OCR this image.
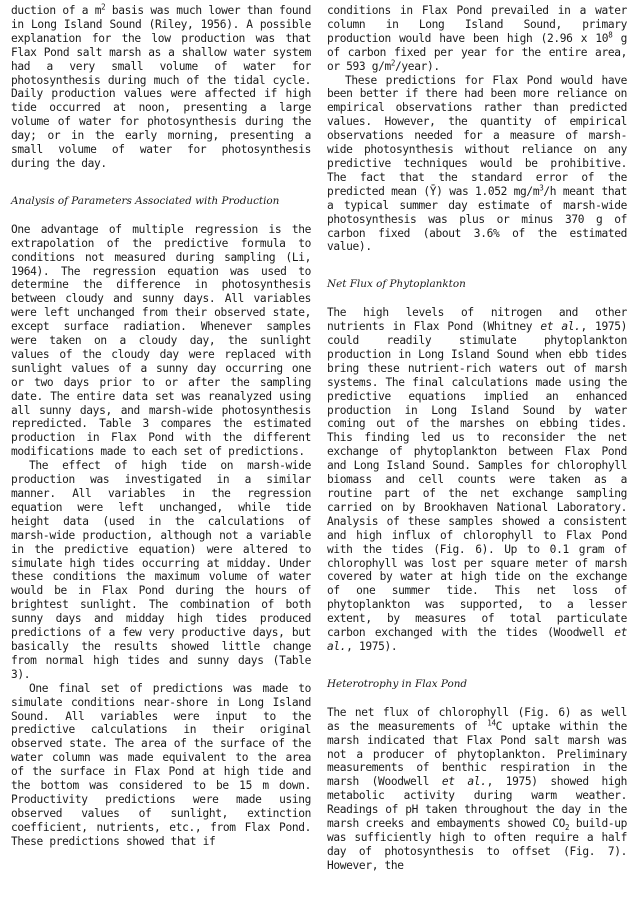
duction of a $m^2$ basis was much lower than found in Long Island Sound (Riley, 1956). A possible explanation for the low production was that Flax Pond salt marsh as a shallow water system had a very small volume of water for photosynthesis during much of the tidal cycle. Daily production values were affected if high tide occurred at noon, presenting a large volume of water for photosynthesis during the day; or in the early morning, presenting a small volume of water for photosynthesis during the day.

Analysis of Parameters Associated with Production

One advantage of multiple regression is the extrapolation of the predictive formula to conditions not measured during sampling (Li, 1964). The regression equation was used to determine the difference in photosynthesis between cloudy and sunny days. All variables were left unchanged from their observed state, except surface radiation. Whenever samples were taken on a cloudy day, the sunlight values of the cloudy day were replaced with sunlight values of a sunny day occurring one or two days prior to or after the sampling date. The entire data set was reanalyzed using all sunny days, and marsh-wide photosynthesis repredicted. Table 3 compares the estimated production in Flax Pond with the different modifications made to each set of predictions.

The effect of high tide on marsh-wide production was investigated in a similar manner. All variables in the regression equation were left unchanged, while tide height data (used in the calculations of marsh-wide production, although not a variable in the predictive equation) were altered to simulate high tides occurring at midday. Under these conditions the maximum volume of water would be in Flax Pond during the hours of brightest sunlight. The combination of both sunny days and midday high tides produced predictions of a few very productive days, but basically the results showed little change from normal high tides and sunny days (Table 3).

One final set of predictions was made to simulate conditions near-shore in Long Island Sound. All variables were input to the predictive calculations in their original observed state. The area of the surface of the water column was made equivalent to the area of the surface in Flax Pond at high tide and the bottom was considered to be 15 m down. Productivity predictions were made using observed values of sunlight, extinction coefficient, nutrients, etc., from Flax Pond. These predictions showed that if

conditions in Flax Pond prevailed in a water column in Long Island Sound, primary production would have been high (2.96 x $10^8$ g of carbon fixed per year for the entire area, or 593 $g/m^2/year$).

These predictions for Flax Pond would have been better if there had been more reliance on empirical observations rather than predicted values. However, the quantity of empirical observations needed for a measure of marsh-wide photosynthesis without reliance on any predictive techniques would be prohibitive. The fact that the standard error of the predicted mean (Ȳ) was 1.052 $mg/m^3/h$ meant that a typical summer day estimate of marsh-wide photosynthesis was plus or minus 370 g of carbon fixed (about 3.6% of the estimated value).

Net Flux of Phytoplankton

The high levels of nitrogen and other nutrients in Flax Pond (Whitney et al., 1975) could readily stimulate phytoplankton production in Long Island Sound when ebb tides bring these nutrient-rich waters out of marsh systems. The final calculations made using the predictive equations implied an enhanced production in Long Island Sound by water coming out of the marshes on ebbing tides. This finding led us to reconsider the net exchange of phytoplankton between Flax Pond and Long Island Sound. Samples for chlorophyll biomass and cell counts were taken as a routine part of the net exchange sampling carried on by Brookhaven National Laboratory. Analysis of these samples showed a consistent and high influx of chlorophyll to Flax Pond with the tides (Fig. 6). Up to 0.1 gram of chlorophyll was lost per square meter of marsh covered by water at high tide on the exchange of one summer tide. This net loss of phytoplankton was supported, to a lesser extent, by measures of total particulate carbon exchanged with the tides (Woodwell et al., 1975).

Heterotrophy in Flax Pond

The net flux of chlorophyll (Fig. 6) as well as the measurements of $^{14}$C uptake within the marsh indicated that Flax Pond salt marsh was not a producer of phytoplankton. Preliminary measurements of benthic respiration in the marsh (Woodwell et al., 1975) showed high metabolic activity during warm weather. Readings of pH taken throughout the day in the marsh creeks and embayments showed $CO_2$ build-up was sufficiently high to often require a half day of photosynthesis to offset (Fig. 7). However, the
